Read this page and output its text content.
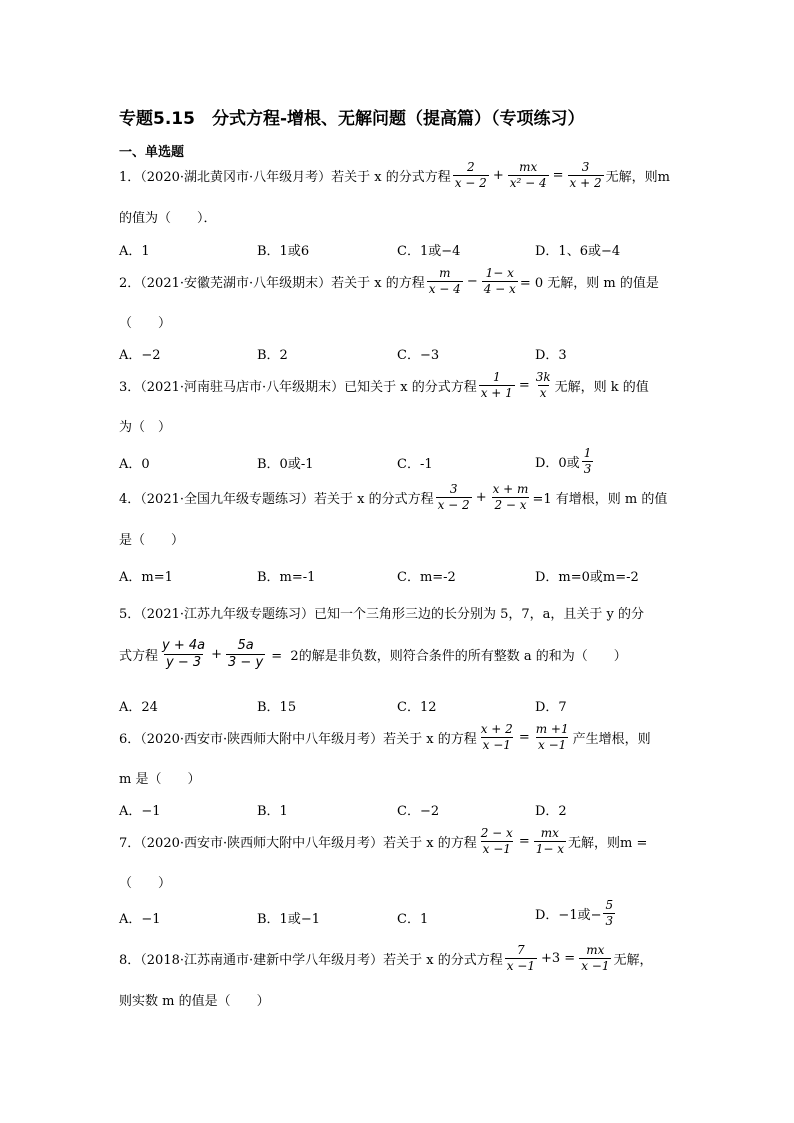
专题5.15　分式方程-增根、无解问题（提高篇）（专项练习）
一、单选题
1．（2020·湖北黄冈市·八年级月考）若关于 x 的分式方程 $\frac{2}{x - 2} + \frac{mx}{\text{x² − 4}} = \frac{3}{x + 2}$ 无解，则m
的值为（　　）．
A．1	B．1或6	C．1或−4	D．1、6或−4
2．（2021·安徽芜湖市·八年级期末）若关于 x 的方程 $\frac{m}{x - 4} - \frac{1- x}{4 - x} = 0$ 无解，则 m 的值是
（　　）
A．−2	B．2	C．−3	D．3
3．（2021·河南驻马店市·八年级期末）已知关于 x 的分式方程 $\frac{1}{x + 1} = \frac{3k}{x}$ 无解，则 k 的值
为（　）
A．0	B．0或-1	C．-1	D．0或 $\frac{1}{3}$
4．（2021·全国九年级专题练习）若关于 x 的分式方程 $\frac{3}{x - 2} + \frac{x + m}{2 - x} =1$ 有增根，则 m 的值
是（　　）
A．m=1	B．m=-1	C．m=-2	D．m=0或m=-2
5．（2021·江苏九年级专题练习）已知一个三角形三边的长分别为 5，7，a，且关于 y 的分
式方程 $\frac{y + 4a}{y - 3} + \frac{5a}{3 - y} = 2$的解是非负数，则符合条件的所有整数 a 的和为（　　）
A．24	B．15	C．12	D．7
6．（2020·西安市·陕西师大附中八年级月考）若关于 x 的方程 $\frac{x + 2}{x -1} = \frac{m +1}{x -1}$ 产生增根，则
m 是（　　）
A．−1	B．1	C．−2	D．2
7．（2020·西安市·陕西师大附中八年级月考）若关于 x 的方程 $\frac{2 - x}{x -1} = \frac{mx}{1- x}$ 无解，则m =
（　　）
A．−1	B．1或−1	C．1	D．−1或− $\frac{5}{3}$
8．（2018·江苏南通市·建新中学八年级月考）若关于 x 的分式方程 $\frac{7}{x -1} +3 = \frac{mx}{x -1}$ 无解，
则实数 m 的值是（　　）
